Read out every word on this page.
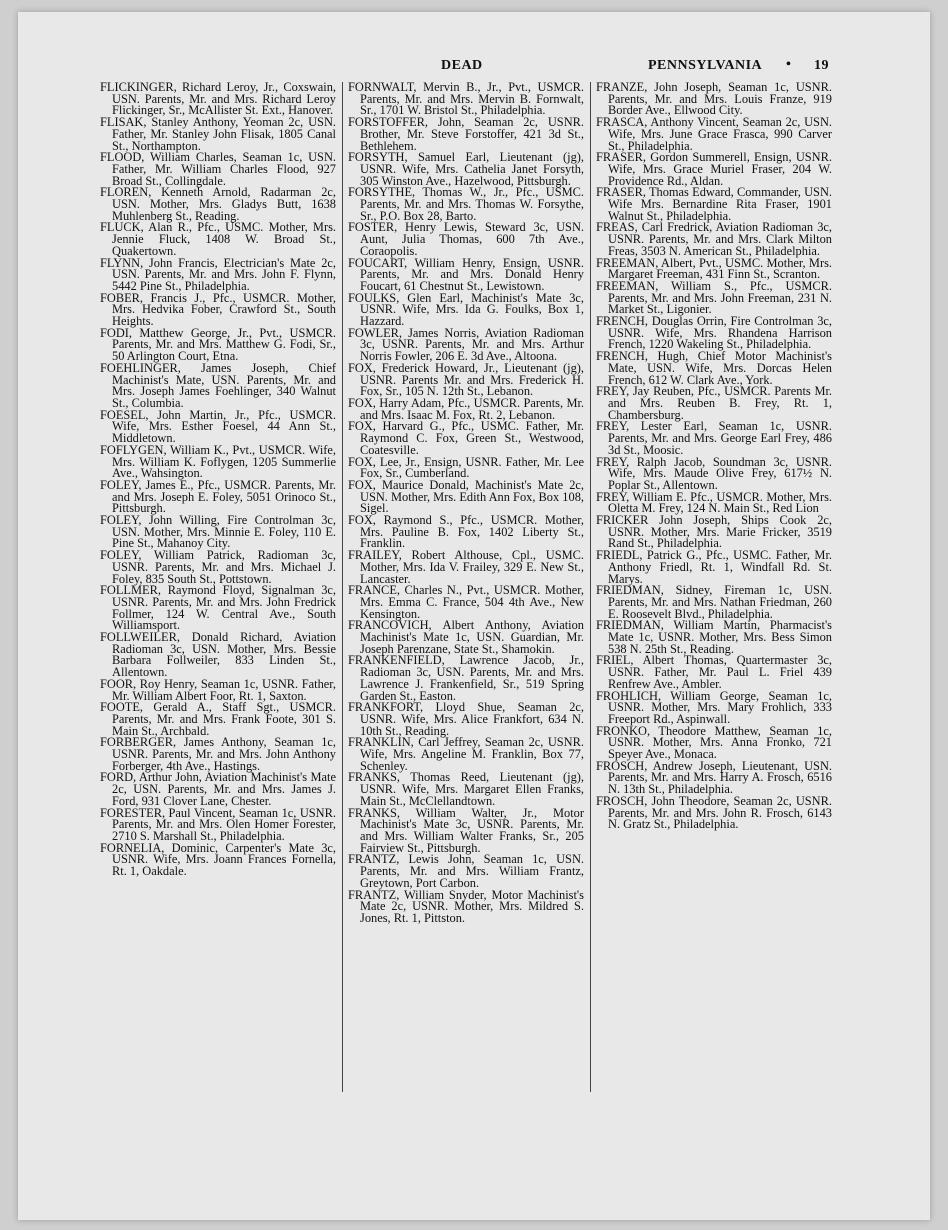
DEAD	PENNSYLVANIA • 19
FLICKINGER, Richard Leroy, Jr., Coxswain, USN. Parents, Mr. and Mrs. Richard Leroy Flickinger, Sr., McAllister St. Ext., Hanover.
FLISAK, Stanley Anthony, Yeoman 2c, USN. Father, Mr. Stanley John Flisak, 1805 Canal St., Northampton.
FLOOD, William Charles, Seaman 1c, USN. Father, Mr. William Charles Flood, 927 Broad St., Collingdale.
FLOREN, Kenneth Arnold, Radarman 2c, USN. Mother, Mrs. Gladys Butt, 1638 Muhlenberg St., Reading.
FLUCK, Alan R., Pfc., USMC. Mother, Mrs. Jennie Fluck, 1408 W. Broad St., Quakertown.
FLYNN, John Francis, Electrician's Mate 2c, USN. Parents, Mr. and Mrs. John F. Flynn, 5442 Pine St., Philadelphia.
FOBER, Francis J., Pfc., USMCR. Mother, Mrs. Hedvika Fober, Crawford St., South Heights.
FODI, Matthew George, Jr., Pvt., USMCR. Parents, Mr. and Mrs. Matthew G. Fodi, Sr., 50 Arlington Court, Etna.
FOEHLINGER, James Joseph, Chief Machinist's Mate, USN. Parents, Mr. and Mrs. Joseph James Foehlinger, 340 Walnut St., Columbia.
FOESEL, John Martin, Jr., Pfc., USMCR. Wife, Mrs. Esther Foesel, 44 Ann St., Middletown.
FOFLYGEN, William K., Pvt., USMCR. Wife, Mrs. William K. Foflygen, 1205 Summerlie Ave., Wahsington.
FOLEY, James E., Pfc., USMCR. Parents, Mr. and Mrs. Joseph E. Foley, 5051 Orinoco St., Pittsburgh.
FOLEY, John Willing, Fire Controlman 3c, USN. Mother, Mrs. Minnie E. Foley, 110 E. Pine St., Mahanoy City.
FOLEY, William Patrick, Radioman 3c, USNR. Parents, Mr. and Mrs. Michael J. Foley, 835 South St., Pottstown.
FOLLMER, Raymond Floyd, Signalman 3c, USNR. Parents, Mr. and Mrs. John Fredrick Follmer, 124 W. Central Ave., South Williamsport.
FOLLWEILER, Donald Richard, Aviation Radioman 3c, USN. Mother, Mrs. Bessie Barbara Follweiler, 833 Linden St., Allentown.
FOOR, Roy Henry, Seaman 1c, USNR. Father, Mr. William Albert Foor, Rt. 1, Saxton.
FOOTE, Gerald A., Staff Sgt., USMCR. Parents, Mr. and Mrs. Frank Foote, 301 S. Main St., Archbald.
FORBERGER, James Anthony, Seaman 1c, USNR. Parents, Mr. and Mrs. John Anthony Forberger, 4th Ave., Hastings.
FORD, Arthur John, Aviation Machinist's Mate 2c, USN. Parents, Mr. and Mrs. James J. Ford, 931 Clover Lane, Chester.
FORESTER, Paul Vincent, Seaman 1c, USNR. Parents, Mr. and Mrs. Olen Homer Forester, 2710 S. Marshall St., Philadelphia.
FORNELIA, Dominic, Carpenter's Mate 3c, USNR. Wife, Mrs. Joann Frances Fornella, Rt. 1, Oakdale.
FORNWALT, Mervin B., Jr., Pvt., USMCR. Parents, Mr. and Mrs. Mervin B. Fornwalt, Sr., 1701 W. Bristol St., Philadelphia.
FORSTOFFER, John, Seaman 2c, USNR. Brother, Mr. Steve Forstoffer, 421 3d St., Bethlehem.
FORSYTH, Samuel Earl, Lieutenant (jg), USNR. Wife, Mrs. Cathelia Janet Forsyth, 305 Winston Ave., Hazelwood, Pittsburgh.
FORSYTHE, Thomas W., Jr., Pfc., USMC. Parents, Mr. and Mrs. Thomas W. Forsythe, Sr., P.O. Box 28, Barto.
FOSTER, Henry Lewis, Steward 3c, USN. Aunt, Julia Thomas, 600 7th Ave., Coraopolis.
FOUCART, William Henry, Ensign, USNR. Parents, Mr. and Mrs. Donald Henry Foucart, 61 Chestnut St., Lewistown.
FOULKS, Glen Earl, Machinist's Mate 3c, USNR. Wife, Mrs. Ida G. Foulks, Box 1, Hazzard.
FOWLER, James Norris, Aviation Radioman 3c, USNR. Parents, Mr. and Mrs. Arthur Norris Fowler, 206 E. 3d Ave., Altoona.
FOX, Frederick Howard, Jr., Lieutenant (jg), USNR. Parents Mr. and Mrs. Frederick H. Fox, Sr., 105 N. 12th St., Lebanon.
FOX, Harry Adam, Pfc., USMCR. Parents, Mr. and Mrs. Isaac M. Fox, Rt. 2, Lebanon.
FOX, Harvard G., Pfc., USMC. Father, Mr. Raymond C. Fox, Green St., Westwood, Coatesville.
FOX, Lee, Jr., Ensign, USNR. Father, Mr. Lee Fox, Sr., Cumberland.
FOX, Maurice Donald, Machinist's Mate 2c, USN. Mother, Mrs. Edith Ann Fox, Box 108, Sigel.
FOX, Raymond S., Pfc., USMCR. Mother, Mrs. Pauline B. Fox, 1402 Liberty St., Franklin.
FRAILEY, Robert Althouse, Cpl., USMC. Mother, Mrs. Ida V. Frailey, 329 E. New St., Lancaster.
FRANCE, Charles N., Pvt., USMCR. Mother, Mrs. Emma C. France, 504 4th Ave., New Kensington.
FRANCOVICH, Albert Anthony, Aviation Machinist's Mate 1c, USN. Guardian, Mr. Joseph Parenzane, State St., Shamokin.
FRANKENFIELD, Lawrence Jacob, Jr., Radioman 3c, USN. Parents, Mr. and Mrs. Lawrence J. Frankenfield, Sr., 519 Spring Garden St., Easton.
FRANKFORT, Lloyd Shue, Seaman 2c, USNR. Wife, Mrs. Alice Frankfort, 634 N. 10th St., Reading.
FRANKLIN, Carl Jeffrey, Seaman 2c, USNR. Wife, Mrs. Angeline M. Franklin, Box 77, Schenley.
FRANKS, Thomas Reed, Lieutenant (jg), USNR. Wife, Mrs. Margaret Ellen Franks, Main St., McClellandtown.
FRANKS, William Walter, Jr., Motor Machinist's Mate 3c, USNR. Parents, Mr. and Mrs. William Walter Franks, Sr., 205 Fairview St., Pittsburgh.
FRANTZ, Lewis John, Seaman 1c, USN. Parents, Mr. and Mrs. William Frantz, Greytown, Port Carbon.
FRANTZ, William Snyder, Motor Machinist's Mate 2c, USNR. Mother, Mrs. Mildred S. Jones, Rt. 1, Pittston.
FRANZE, John Joseph, Seaman 1c, USNR. Parents, Mr. and Mrs. Louis Franze, 919 Border Ave., Ellwood City.
FRASCA, Anthony Vincent, Seaman 2c, USN. Wife, Mrs. June Grace Frasca, 990 Carver St., Philadelphia.
FRASER, Gordon Summerell, Ensign, USNR. Wife, Mrs. Grace Muriel Fraser, 204 W. Providence Rd., Aldan.
FRASER, Thomas Edward, Commander, USN. Wife Mrs. Bernardine Rita Fraser, 1901 Walnut St., Philadelphia.
FREAS, Carl Fredrick, Aviation Radioman 3c, USNR. Parents, Mr. and Mrs. Clark Milton Freas, 3503 N. American St., Philadelphia.
FREEMAN, Albert, Pvt., USMC. Mother, Mrs. Margaret Freeman, 431 Finn St., Scranton.
FREEMAN, William S., Pfc., USMCR. Parents, Mr. and Mrs. John Freeman, 231 N. Market St., Ligonier.
FRENCH, Douglas Orrin, Fire Controlman 3c, USNR. Wife, Mrs. Rhandena Harrison French, 1220 Wakeling St., Philadelphia.
FRENCH, Hugh, Chief Motor Machinist's Mate, USN. Wife, Mrs. Dorcas Helen French, 612 W. Clark Ave., York.
FREY, Jay Reuben, Pfc., USMCR. Parents Mr. and Mrs. Reuben B. Frey, Rt. 1, Chambersburg.
FREY, Lester Earl, Seaman 1c, USNR. Parents, Mr. and Mrs. George Earl Frey, 486 3d St., Moosic.
FREY, Ralph Jacob, Soundman 3c, USNR. Wife, Mrs. Maude Olive Frey, 617½ N. Poplar St., Allentown.
FREY, William E. Pfc., USMCR. Mother, Mrs. Oletta M. Frey, 124 N. Main St., Red Lion
FRICKER John Joseph, Ships Cook 2c, USNR. Mother, Mrs. Marie Fricker, 3519 Rand St., Philadelphia.
FRIEDL, Patrick G., Pfc., USMC. Father, Mr. Anthony Friedl, Rt. 1, Windfall Rd. St. Marys.
FRIEDMAN, Sidney, Fireman 1c, USN. Parents, Mr. and Mrs. Nathan Friedman, 260 E. Roosevelt Blvd., Philadelphia.
FRIEDMAN, William Martin, Pharmacist's Mate 1c, USNR. Mother, Mrs. Bess Simon 538 N. 25th St., Reading.
FRIEL, Albert Thomas, Quartermaster 3c, USNR. Father, Mr. Paul L. Friel 439 Renfrew Ave., Ambler.
FROHLICH, William George, Seaman 1c, USNR. Mother, Mrs. Mary Frohlich, 333 Freeport Rd., Aspinwall.
FRONKO, Theodore Matthew, Seaman 1c, USNR. Mother, Mrs. Anna Fronko, 721 Speyer Ave., Monaca.
FROSCH, Andrew Joseph, Lieutenant, USN. Parents, Mr. and Mrs. Harry A. Frosch, 6516 N. 13th St., Philadelphia.
FROSCH, John Theodore, Seaman 2c, USNR. Parents, Mr. and Mrs. John R. Frosch, 6143 N. Gratz St., Philadelphia.
